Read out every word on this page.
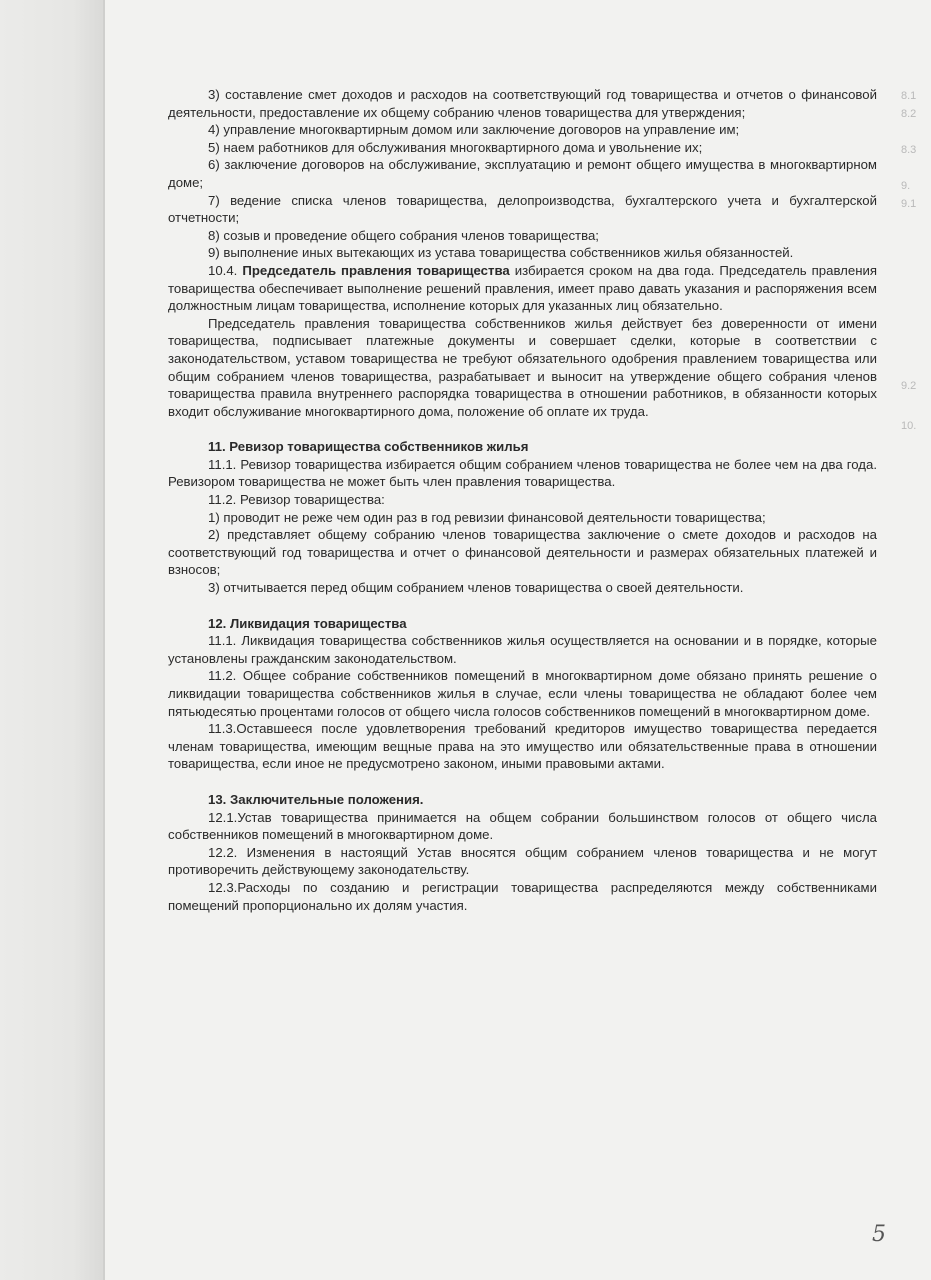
8.1
8.2
8.3
9.
9.1
9.2
10.

3) составление смет доходов и расходов на соответствующий год товарищества и отчетов о финансовой деятельности, предоставление их общему собранию членов товарищества для утверждения;

4) управление многоквартирным домом или заключение договоров на управление им;

5) наем работников для обслуживания многоквартирного дома и увольнение их;

6) заключение договоров на обслуживание, эксплуатацию и ремонт общего имущества в многоквартирном доме;

7) ведение списка членов товарищества, делопроизводства, бухгалтерского учета и бухгалтерской отчетности;

8) созыв и проведение общего собрания членов товарищества;

9) выполнение иных вытекающих из устава товарищества собственников жилья обязанностей.

10.4. Председатель правления товарищества избирается сроком на два года. Председатель правления товарищества обеспечивает выполнение решений правления, имеет право давать указания и распоряжения всем должностным лицам товарищества, исполнение которых для указанных лиц обязательно.

Председатель правления товарищества собственников жилья действует без доверенности от имени товарищества, подписывает платежные документы и совершает сделки, которые в соответствии с законодательством, уставом товарищества не требуют обязательного одобрения правлением товарищества или общим собранием членов товарищества, разрабатывает и выносит на утверждение общего собрания членов товарищества правила внутреннего распорядка товарищества в отношении работников, в обязанности которых входит обслуживание многоквартирного дома, положение об оплате их труда.

11. Ревизор товарищества собственников жилья

11.1. Ревизор товарищества избирается общим собранием членов товарищества не более чем на два года. Ревизором товарищества не может быть член правления товарищества.

11.2. Ревизор товарищества:

1) проводит не реже чем один раз в год ревизии финансовой деятельности товарищества;

2) представляет общему собранию членов товарищества заключение о смете доходов и расходов на соответствующий год товарищества и отчет о финансовой деятельности и размерах обязательных платежей и взносов;

3) отчитывается перед общим собранием членов товарищества о своей деятельности.

12. Ликвидация товарищества

11.1. Ликвидация товарищества собственников жилья осуществляется на основании и в порядке, которые установлены гражданским законодательством.

11.2. Общее собрание собственников помещений в многоквартирном доме обязано принять решение о ликвидации товарищества собственников жилья в случае, если члены товарищества не обладают более чем пятьюдесятью процентами голосов от общего числа голосов собственников помещений в многоквартирном доме.

11.3.Оставшееся после удовлетворения требований кредиторов имущество товарищества передается членам товарищества, имеющим вещные права на это имущество или обязательственные права в отношении товарищества, если иное не предусмотрено законом, иными правовыми актами.

13. Заключительные положения.

12.1.Устав товарищества принимается на общем собрании большинством голосов от общего числа собственников помещений в многоквартирном доме.

12.2. Изменения в настоящий Устав вносятся общим собранием членов товарищества и не могут противоречить действующему законодательству.

12.3.Расходы по созданию и регистрации товарищества распределяются между собственниками помещений пропорционально их долям участия.

5
